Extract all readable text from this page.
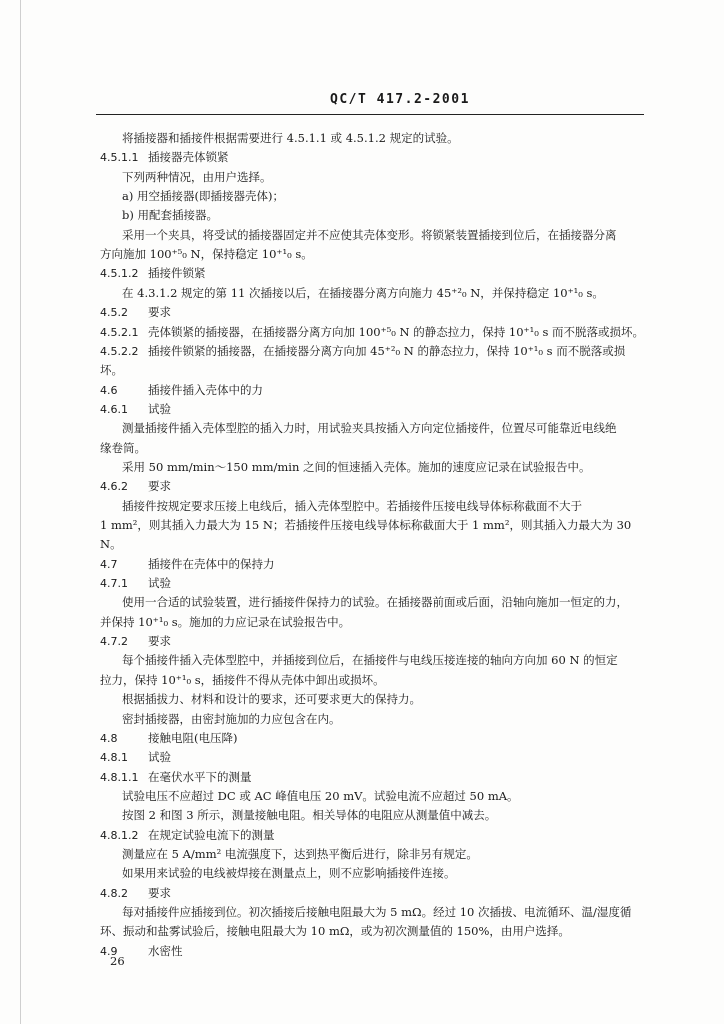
QC/T 417.2-2001
将插接器和插接件根据需要进行 4.5.1.1 或 4.5.1.2 规定的试验。
4.5.1.1 插接器壳体锁紧
下列两种情况，由用户选择。
a) 用空插接器(即插接器壳体)；
b) 用配套插接器。
采用一个夹具，将受试的插接器固定并不应使其壳体变形。将锁紧装置插接到位后，在插接器分离
方向施加 100⁺⁵₀ N，保持稳定 10⁺¹₀ s。
4.5.1.2 插接件锁紧
在 4.3.1.2 规定的第 11 次插接以后，在插接器分离方向施力 45⁺²₀ N，并保持稳定 10⁺¹₀ s。
4.5.2 要求
4.5.2.1 壳体锁紧的插接器，在插接器分离方向加 100⁺⁵₀ N 的静态拉力，保持 10⁺¹₀ s 而不脱落或损坏。
4.5.2.2 插接件锁紧的插接器，在插接器分离方向加 45⁺²₀ N 的静态拉力，保持 10⁺¹₀ s 而不脱落或损
坏。
4.6	插接件插入壳体中的力
4.6.1 试验
测量插接件插入壳体型腔的插入力时，用试验夹具按插入方向定位插接件，位置尽可能靠近电线绝
缘卷筒。
采用 50 mm/min～150 mm/min 之间的恒速插入壳体。施加的速度应记录在试验报告中。
4.6.2 要求
插接件按规定要求压接上电线后，插入壳体型腔中。若插接件压接电线导体标称截面不大于
1 mm²，则其插入力最大为 15 N；若插接件压接电线导体标称截面大于 1 mm²，则其插入力最大为 30
N。
4.7	插接件在壳体中的保持力
4.7.1 试验
使用一合适的试验装置，进行插接件保持力的试验。在插接器前面或后面，沿轴向施加一恒定的力，
并保持 10⁺¹₀ s。施加的力应记录在试验报告中。
4.7.2 要求
每个插接件插入壳体型腔中，并插接到位后，在插接件与电线压接连接的轴向方向加 60 N 的恒定
拉力，保持 10⁺¹₀ s，插接件不得从壳体中卸出或损坏。
根据插拔力、材料和设计的要求，还可要求更大的保持力。
密封插接器，由密封施加的力应包含在内。
4.8	接触电阻(电压降)
4.8.1 试验
4.8.1.1 在毫伏水平下的测量
试验电压不应超过 DC 或 AC 峰值电压 20 mV。试验电流不应超过 50 mA。
按图 2 和图 3 所示，测量接触电阻。相关导体的电阻应从测量值中减去。
4.8.1.2 在规定试验电流下的测量
测量应在 5 A/mm² 电流强度下，达到热平衡后进行，除非另有规定。
如果用来试验的电线被焊接在测量点上，则不应影响插接件连接。
4.8.2 要求
每对插接件应插接到位。初次插接后接触电阻最大为 5 mΩ。经过 10 次插拔、电流循环、温/湿度循
环、振动和盐雾试验后，接触电阻最大为 10 mΩ，或为初次测量值的 150%，由用户选择。
4.9	水密性
26
